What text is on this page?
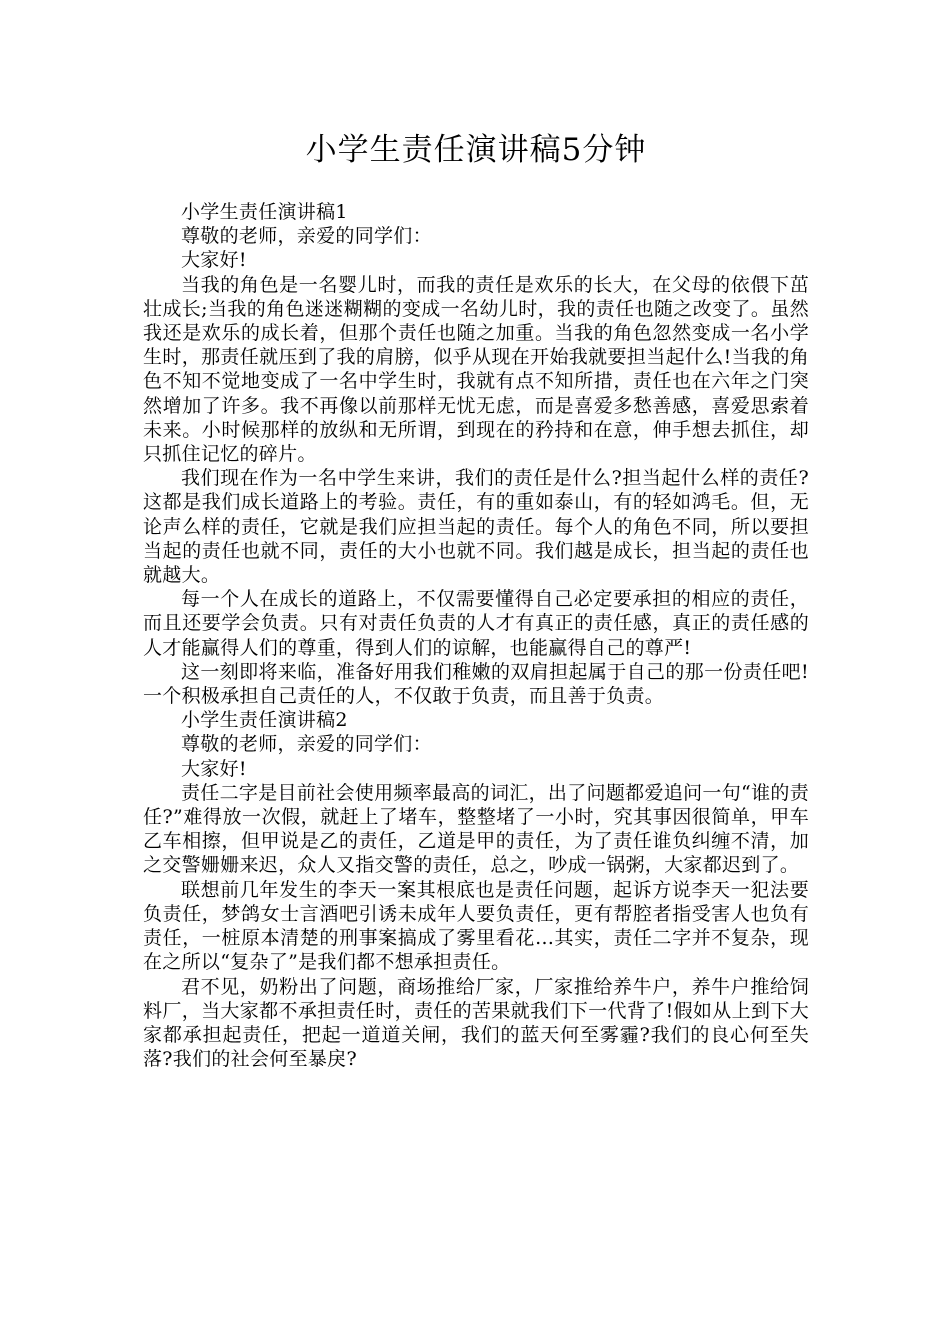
小学生责任演讲稿5分钟

小学生责任演讲稿1

尊敬的老师，亲爱的同学们：

大家好!

当我的角色是一名婴儿时，而我的责任是欢乐的长大，在父母的依偎下茁壮成长;当我的角色迷迷糊糊的变成一名幼儿时，我的责任也随之改变了。虽然我还是欢乐的成长着，但那个责任也随之加重。当我的角色忽然变成一名小学生时，那责任就压到了我的肩膀，似乎从现在开始我就要担当起什么!当我的角色不知不觉地变成了一名中学生时，我就有点不知所措，责任也在六年之门突然增加了许多。我不再像以前那样无忧无虑，而是喜爱多愁善感，喜爱思索着未来。小时候那样的放纵和无所谓，到现在的矜持和在意，伸手想去抓住，却只抓住记忆的碎片。

我们现在作为一名中学生来讲，我们的责任是什么?担当起什么样的责任?这都是我们成长道路上的考验。责任，有的重如泰山，有的轻如鸿毛。但，无论声么样的责任，它就是我们应担当起的责任。每个人的角色不同，所以要担当起的责任也就不同，责任的大小也就不同。我们越是成长，担当起的责任也就越大。

每一个人在成长的道路上，不仅需要懂得自己必定要承担的相应的责任，而且还要学会负责。只有对责任负责的人才有真正的责任感，真正的责任感的人才能赢得人们的尊重，得到人们的谅解，也能赢得自己的尊严!

这一刻即将来临，准备好用我们稚嫩的双肩担起属于自己的那一份责任吧!一个积极承担自己责任的人，不仅敢于负责，而且善于负责。

小学生责任演讲稿2

尊敬的老师，亲爱的同学们：

大家好!

责任二字是目前社会使用频率最高的词汇，出了问题都爱追问一句“谁的责任?”难得放一次假，就赶上了堵车，整整堵了一小时，究其事因很简单，甲车乙车相擦，但甲说是乙的责任，乙道是甲的责任，为了责任谁负纠缠不清，加之交警姗姗来迟，众人又指交警的责任，总之，吵成一锅粥，大家都迟到了。

联想前几年发生的李天一案其根底也是责任问题，起诉方说李天一犯法要负责任，梦鸽女士言酒吧引诱未成年人要负责任，更有帮腔者指受害人也负有责任，一桩原本清楚的刑事案搞成了雾里看花…其实，责任二字并不复杂，现在之所以“复杂了”是我们都不想承担责任。

君不见，奶粉出了问题，商场推给厂家，厂家推给养牛户，养牛户推给饲料厂，当大家都不承担责任时，责任的苦果就我们下一代背了!假如从上到下大家都承担起责任，把起一道道关闸，我们的蓝天何至雾霾?我们的良心何至失落?我们的社会何至暴戾?
